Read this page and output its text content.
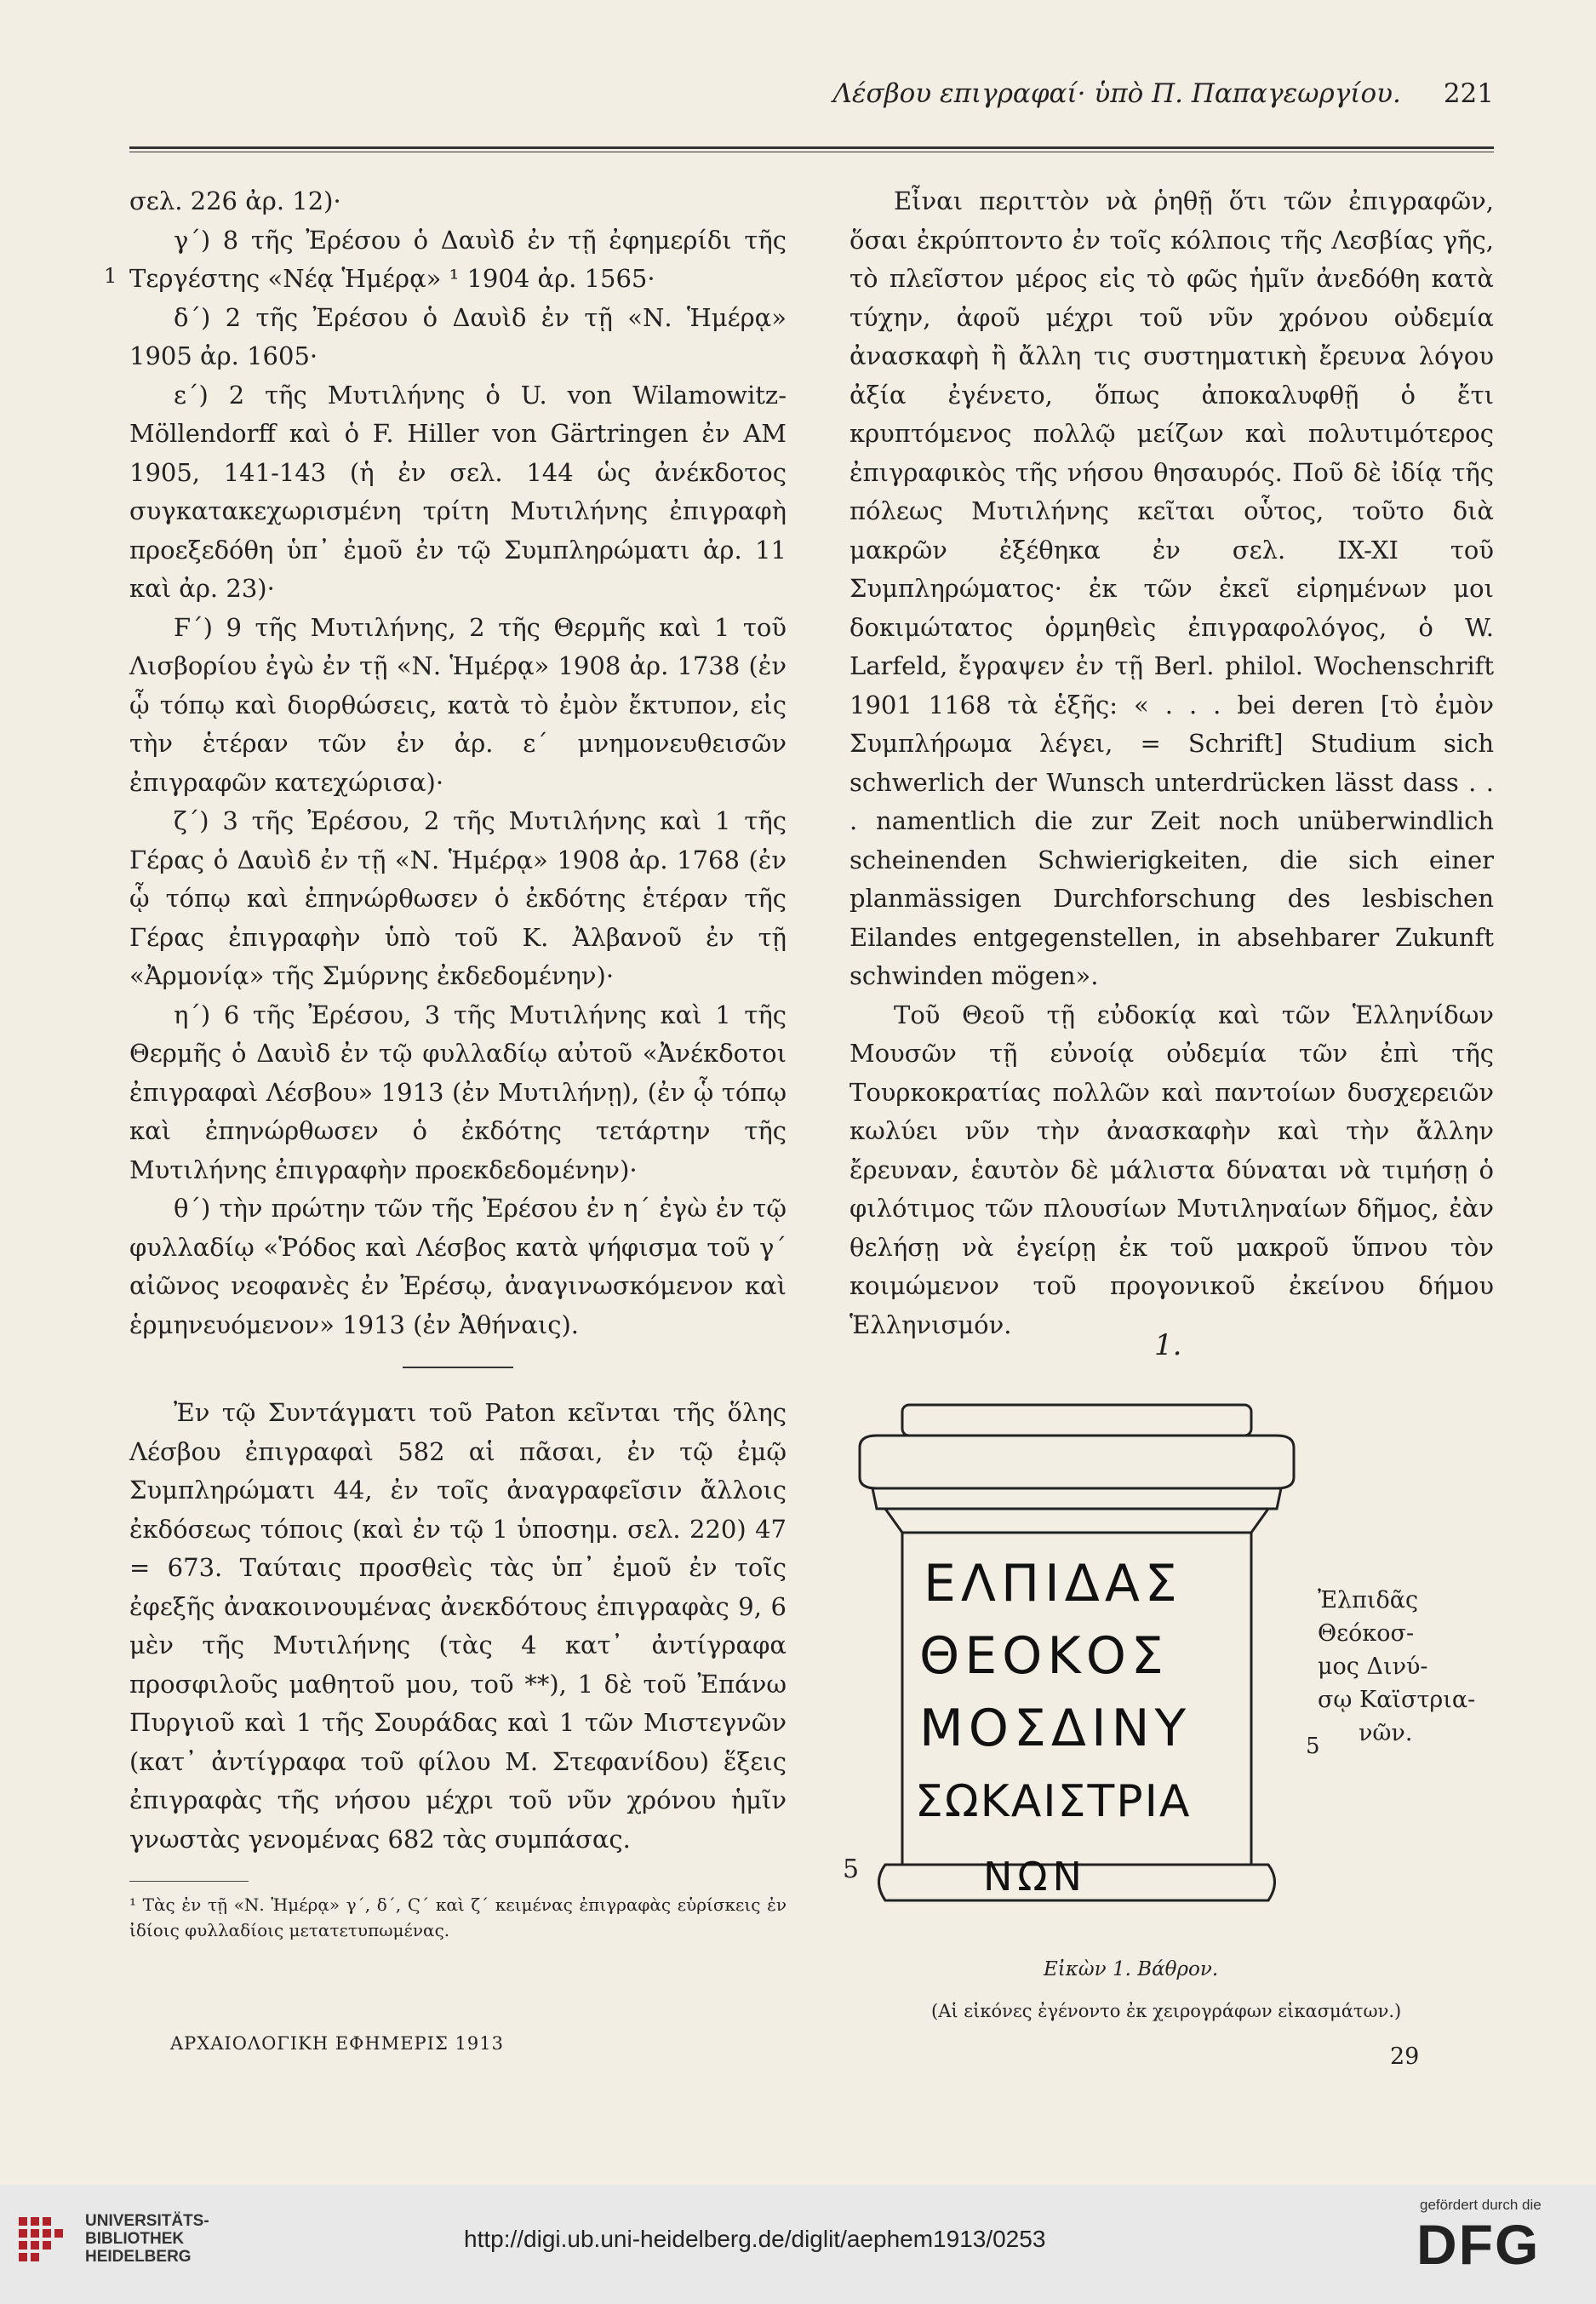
Λέσβου επιγραφαί· ὑπὸ Π. Παπαγεωργίου. 221
1

σελ. 226 ἀρ. 12)·

γ΄) 8 τῆς Ἐρέσου ὁ Δαυὶδ ἐν τῇ ἐφημερίδι τῆς Τεργέστης «Νέᾳ Ἡμέρᾳ» ¹ 1904 ἀρ. 1565·

δ΄) 2 τῆς Ἐρέσου ὁ Δαυὶδ ἐν τῇ «Ν. Ἡμέρᾳ» 1905 ἀρ. 1605·

ε΄) 2 τῆς Μυτιλήνης ὁ U. von Wilamowitz-Möllendorff καὶ ὁ F. Hiller von Gärtringen ἐν AM 1905, 141-143 (ἡ ἐν σελ. 144 ὡς ἀνέκδοτος συγκατακεχωρισμένη τρίτη Μυτιλήνης ἐπιγραφὴ προεξεδόθη ὑπ᾽ ἐμοῦ ἐν τῷ Συμπληρώματι ἀρ. 11 καὶ ἀρ. 23)·

Ϝ΄) 9 τῆς Μυτιλήνης, 2 τῆς Θερμῆς καὶ 1 τοῦ Λισβορίου ἐγὼ ἐν τῇ «Ν. Ἡμέρᾳ» 1908 ἀρ. 1738 (ἐν ᾧ τόπῳ καὶ διορθώσεις, κατὰ τὸ ἐμὸν ἔκτυπον, εἰς τὴν ἑτέραν τῶν ἐν ἀρ. ε΄ μνημονευθεισῶν ἐπιγραφῶν κατεχώρισα)·

ζ΄) 3 τῆς Ἐρέσου, 2 τῆς Μυτιλήνης καὶ 1 τῆς Γέρας ὁ Δαυὶδ ἐν τῇ «Ν. Ἡμέρᾳ» 1908 ἀρ. 1768 (ἐν ᾧ τόπῳ καὶ ἐπηνώρθωσεν ὁ ἐκδότης ἑτέραν τῆς Γέρας ἐπιγραφὴν ὑπὸ τοῦ Κ. Ἀλβανοῦ ἐν τῇ «Ἀρμονίᾳ» τῆς Σμύρνης ἐκδεδομένην)·

η΄) 6 τῆς Ἐρέσου, 3 τῆς Μυτιλήνης καὶ 1 τῆς Θερμῆς ὁ Δαυὶδ ἐν τῷ φυλλαδίῳ αὐτοῦ «Ἀνέκδοτοι ἐπιγραφαὶ Λέσβου» 1913 (ἐν Μυτιλήνῃ), (ἐν ᾧ τόπῳ καὶ ἐπηνώρθωσεν ὁ ἐκδότης τετάρτην τῆς Μυτιλήνης ἐπιγραφὴν προεκδεδομένην)·

θ΄) τὴν πρώτην τῶν τῆς Ἐρέσου ἐν η΄ ἐγὼ ἐν τῷ φυλλαδίῳ «Ῥόδος καὶ Λέσβος κατὰ ψήφισμα τοῦ γ΄ αἰῶνος νεοφανὲς ἐν Ἐρέσῳ, ἀναγινωσκόμενον καὶ ἑρμηνευόμενον» 1913 (ἐν Ἀθήναις).

Ἐν τῷ Συντάγματι τοῦ Paton κεῖνται τῆς ὅλης Λέσβου ἐπιγραφαὶ 582 αἱ πᾶσαι, ἐν τῷ ἐμῷ Συμπληρώματι 44, ἐν τοῖς ἀναγραφεῖσιν ἄλλοις ἐκδόσεως τόποις (καὶ ἐν τῷ 1 ὑποσημ. σελ. 220) 47 = 673. Ταύταις προσθεὶς τὰς ὑπ᾽ ἐμοῦ ἐν τοῖς ἐφεξῆς ἀνακοινουμένας ἀνεκδότους ἐπιγραφὰς 9, 6 μὲν τῆς Μυτιλήνης (τὰς 4 κατ᾽ ἀντίγραφα προσφιλοῦς μαθητοῦ μου, τοῦ **), 1 δὲ τοῦ Ἐπάνω Πυργιοῦ καὶ 1 τῆς Σουράδας καὶ 1 τῶν Μιστεγνῶν (κατ᾽ ἀντίγραφα τοῦ φίλου Μ. Στεφανίδου) ἕξεις ἐπιγραφὰς τῆς νήσου μέχρι τοῦ νῦν χρόνου ἡμῖν γνωστὰς γενομένας 682 τὰς συμπάσας.

¹ Τὰς ἐν τῇ «Ν. Ἡμέρᾳ» γ΄, δ΄, Ϛ΄ καὶ ζ΄ κειμένας ἐπιγραφὰς εὑρίσκεις ἐν ἰδίοις φυλλαδίοις μετατετυπωμένας.

Εἶναι περιττὸν νὰ ῥηθῇ ὅτι τῶν ἐπιγραφῶν, ὅσαι ἐκρύπτοντο ἐν τοῖς κόλποις τῆς Λεσβίας γῆς, τὸ πλεῖστον μέρος εἰς τὸ φῶς ἡμῖν ἀνεδόθη κατὰ τύχην, ἀφοῦ μέχρι τοῦ νῦν χρόνου οὐδεμία ἀνασκαφὴ ἢ ἄλλη τις συστηματικὴ ἔρευνα λόγου ἀξία ἐγένετο, ὅπως ἀποκαλυφθῇ ὁ ἔτι κρυπτόμενος πολλῷ μείζων καὶ πολυτιμότερος ἐπιγραφικὸς τῆς νήσου θησαυρός. Ποῦ δὲ ἰδίᾳ τῆς πόλεως Μυτιλήνης κεῖται οὗτος, τοῦτο διὰ μακρῶν ἐξέθηκα ἐν σελ. IX-XI τοῦ Συμπληρώματος· ἐκ τῶν ἐκεῖ εἰρημένων μοι δοκιμώτατος ὁρμηθεὶς ἐπιγραφολόγος, ὁ W. Larfeld, ἔγραψεν ἐν τῇ Berl. philol. Wochenschrift 1901 1168 τὰ ἑξῆς: « . . . bei deren [τὸ ἐμὸν Συμπλήρωμα λέγει, = Schrift] Studium sich schwerlich der Wunsch unterdrücken lässt dass . . . namentlich die zur Zeit noch unüberwindlich scheinenden Schwierigkeiten, die sich einer planmässigen Durchforschung des lesbischen Eilandes entgegenstellen, in absehbarer Zukunft schwinden mögen».

Τοῦ Θεοῦ τῇ εὐδοκίᾳ καὶ τῶν Ἑλληνίδων Μουσῶν τῇ εὐνοίᾳ οὐδεμία τῶν ἐπὶ τῆς Τουρκοκρατίας πολλῶν καὶ παντοίων δυσχερειῶν κωλύει νῦν τὴν ἀνασκαφὴν καὶ τὴν ἄλλην ἔρευναν, ἑαυτὸν δὲ μάλιστα δύναται νὰ τιμήσῃ ὁ φιλότιμος τῶν πλουσίων Μυτιληναίων δῆμος, ἐὰν θελήσῃ νὰ ἐγείρῃ ἐκ τοῦ μακροῦ ὕπνου τὸν κοιμώμενον τοῦ προγονικοῦ ἐκείνου δήμου Ἑλληνισμόν.

1.
ΕΛΠΙΔΑΣ
ΘΕΟΚΟΣ
ΜΟΣΔΙΝΥ
ΣΩΚΑΙΣΤΡΙΑ
ΝΩΝ
5
Ἐλπιδᾶς
Θεόκοσ-
μος Δινύ-
σῳ Καϊστρια-
νῶν.
5
Εἰκὼν 1. Βάθρον.
(Αἱ εἰκόνες ἐγένοντο ἐκ χειρογράφων εἰκασμάτων.)
ΑΡΧΑΙΟΛΟΓΙΚΗ ΕΦΗΜΕΡΙΣ 1913	29
UNIVERSITÄTS-
BIBLIOTHEK
HEIDELBERG
http://digi.ub.uni-heidelberg.de/diglit/aephem1913/0253
gefördert durch die
DFG
